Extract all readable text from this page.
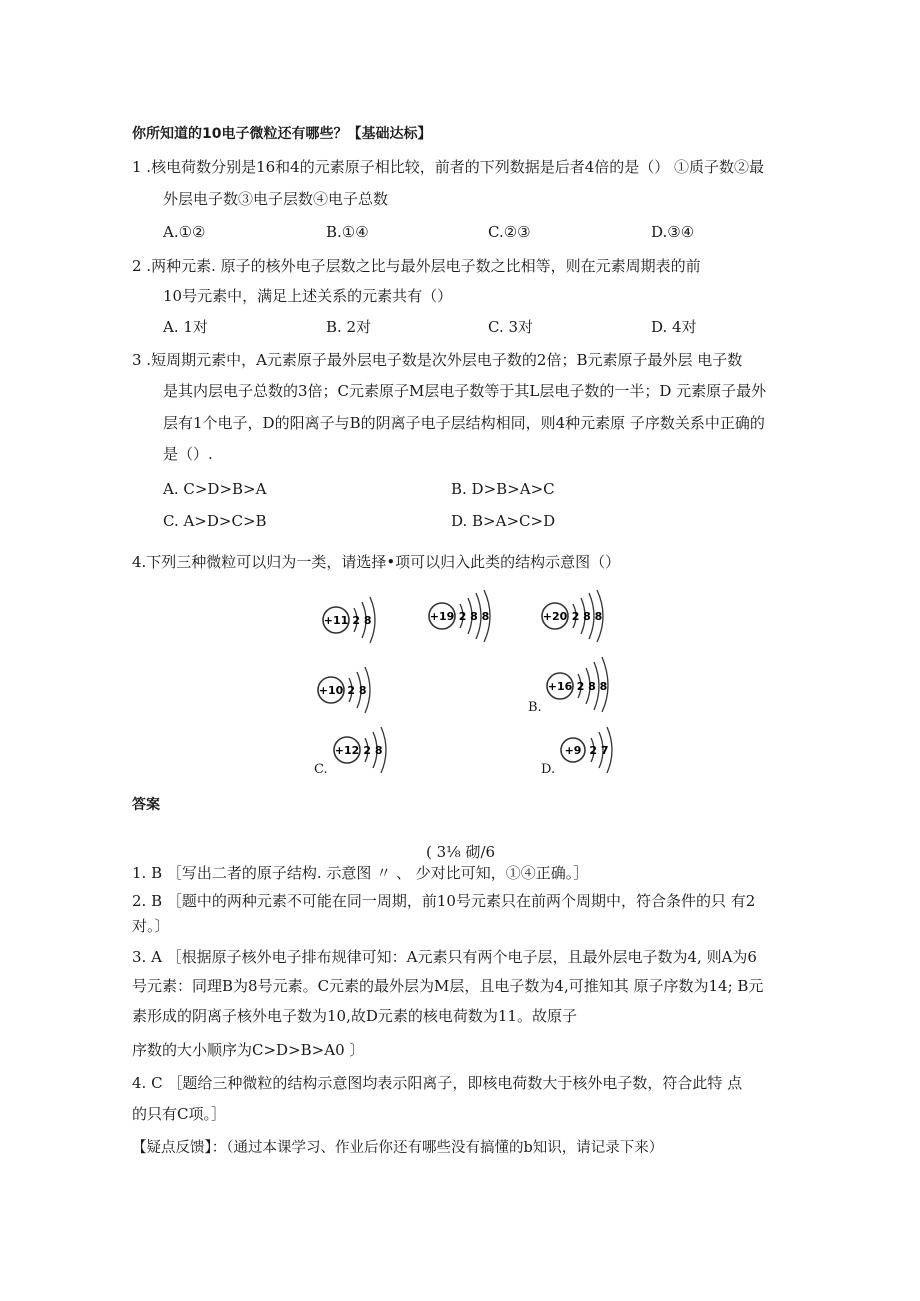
你所知道的10电子微粒还有哪些？【基础达标】
1 .核电荷数分别是16和4的元素原子相比较，前者的下列数据是后者4倍的是（） ①质子数②最
外层电子数③电子层数④电子总数
A.①②	B.①④	C.②③	D.③④
2 .两种元素. 原子的核外电子层数之比与最外层电子数之比相等，则在元素周期表的前
10号元素中，满足上述关系的元素共有（）
A. 1对	B. 2对	C. 3对	D. 4对
3 .短周期元素中，A元素原子最外层电子数是次外层电子数的2倍；B元素原子最外层 电子数
是其内层电子总数的3倍；C元素原子M层电子数等于其L层电子数的一半；D 元素原子最外
层有1个电子，D的阳离子与B的阴离子电子层结构相同，则4种元素原 子序数关系中正确的
是（）.
A. C>D>B>A	B. D>B>A>C
C. A>D>C>B	D. B>A>C>D
4.下列三种微粒可以归为一类，请选择•项可以归入此类的结构示意图（）
+11 2 8	+19 2 8 8	+20 2 8 8
+10 2 8	+16 2 8 8
B.
+12 2 8
C.
+9 2 7
D.
答案
( 3⅛ 砌/6
1. B ［写出二者的原子结构. 示意图 〃 、 少对比可知，①④正确。］
2. B ［题中的两种元素不可能在同一周期，前10号元素只在前两个周期中，符合条件的只 有2
对。〕
3. A ［根据原子核外电子排布规律可知：A元素只有两个电子层，且最外层电子数为4, 则A为6
号元素：同理B为8号元素。C元素的最外层为M层，且电子数为4,可推知其 原子序数为14; B元
素形成的阴离子核外电子数为10,故D元素的核电荷数为11。故原子
序数的大小顺序为C>D>B>A0 〕
4. C ［题给三种微粒的结构示意图均表示阳离子，即核电荷数大于核外电子数，符合此特 点
的只有C项。］
【疑点反馈】：（通过本课学习、作业后你还有哪些没有搞懂的b知识，请记录下来）
